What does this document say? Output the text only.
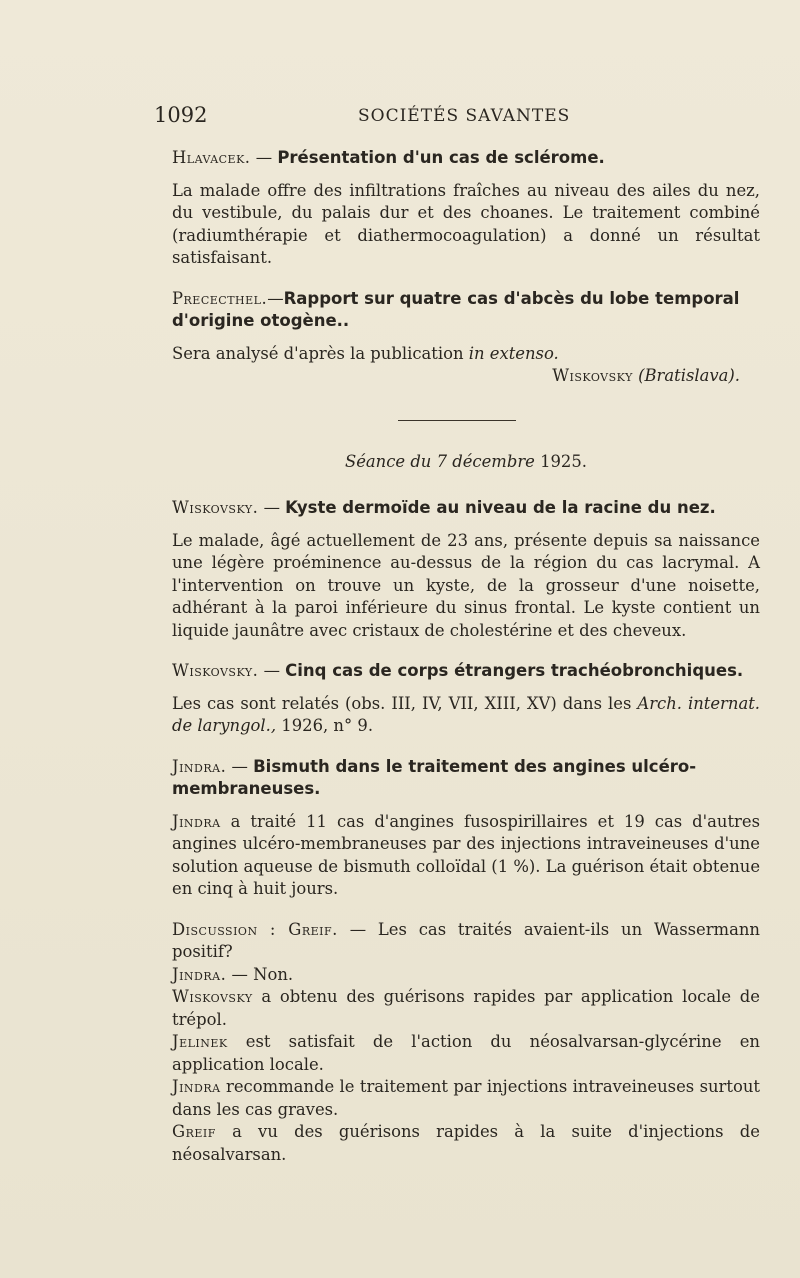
1092	SOCIÉTÉS SAVANTES

Hlavacek. — Présentation d'un cas de sclérome.

La malade offre des infiltrations fraîches au niveau des ailes du nez, du vestibule, du palais dur et des choanes. Le traitement combiné (radiumthérapie et diathermocoagulation) a donné un résultat satisfaisant.

Prececthel.—Rapport sur quatre cas d'abcès du lobe temporal d'origine otogène..

Sera analysé d'après la publication in extenso.

Wiskovsky (Bratislava).

Séance du 7 décembre 1925.

Wiskovsky. — Kyste dermoïde au niveau de la racine du nez.

Le malade, âgé actuellement de 23 ans, présente depuis sa naissance une légère proéminence au-dessus de la région du cas lacrymal. A l'intervention on trouve un kyste, de la grosseur d'une noisette, adhérant à la paroi inférieure du sinus frontal. Le kyste contient un liquide jaunâtre avec cristaux de cholestérine et des cheveux.

Wiskovsky. — Cinq cas de corps étrangers trachéobronchiques.

Les cas sont relatés (obs. III, IV, VII, XIII, XV) dans les Arch. internat. de laryngol., 1926, n° 9.

Jindra. — Bismuth dans le traitement des angines ulcéro-membraneuses.

Jindra a traité 11 cas d'angines fusospirillaires et 19 cas d'autres angines ulcéro-membraneuses par des injections intraveineuses d'une solution aqueuse de bismuth colloïdal (1 %). La guérison était obtenue en cinq à huit jours.

Discussion : Greif. — Les cas traités avaient-ils un Wassermann positif?

Jindra. — Non.

Wiskovsky a obtenu des guérisons rapides par application locale de trépol.

Jelinek est satisfait de l'action du néosalvarsan-glycérine en application locale.

Jindra recommande le traitement par injections intraveineuses surtout dans les cas graves.

Greif a vu des guérisons rapides à la suite d'injections de néosalvarsan.
